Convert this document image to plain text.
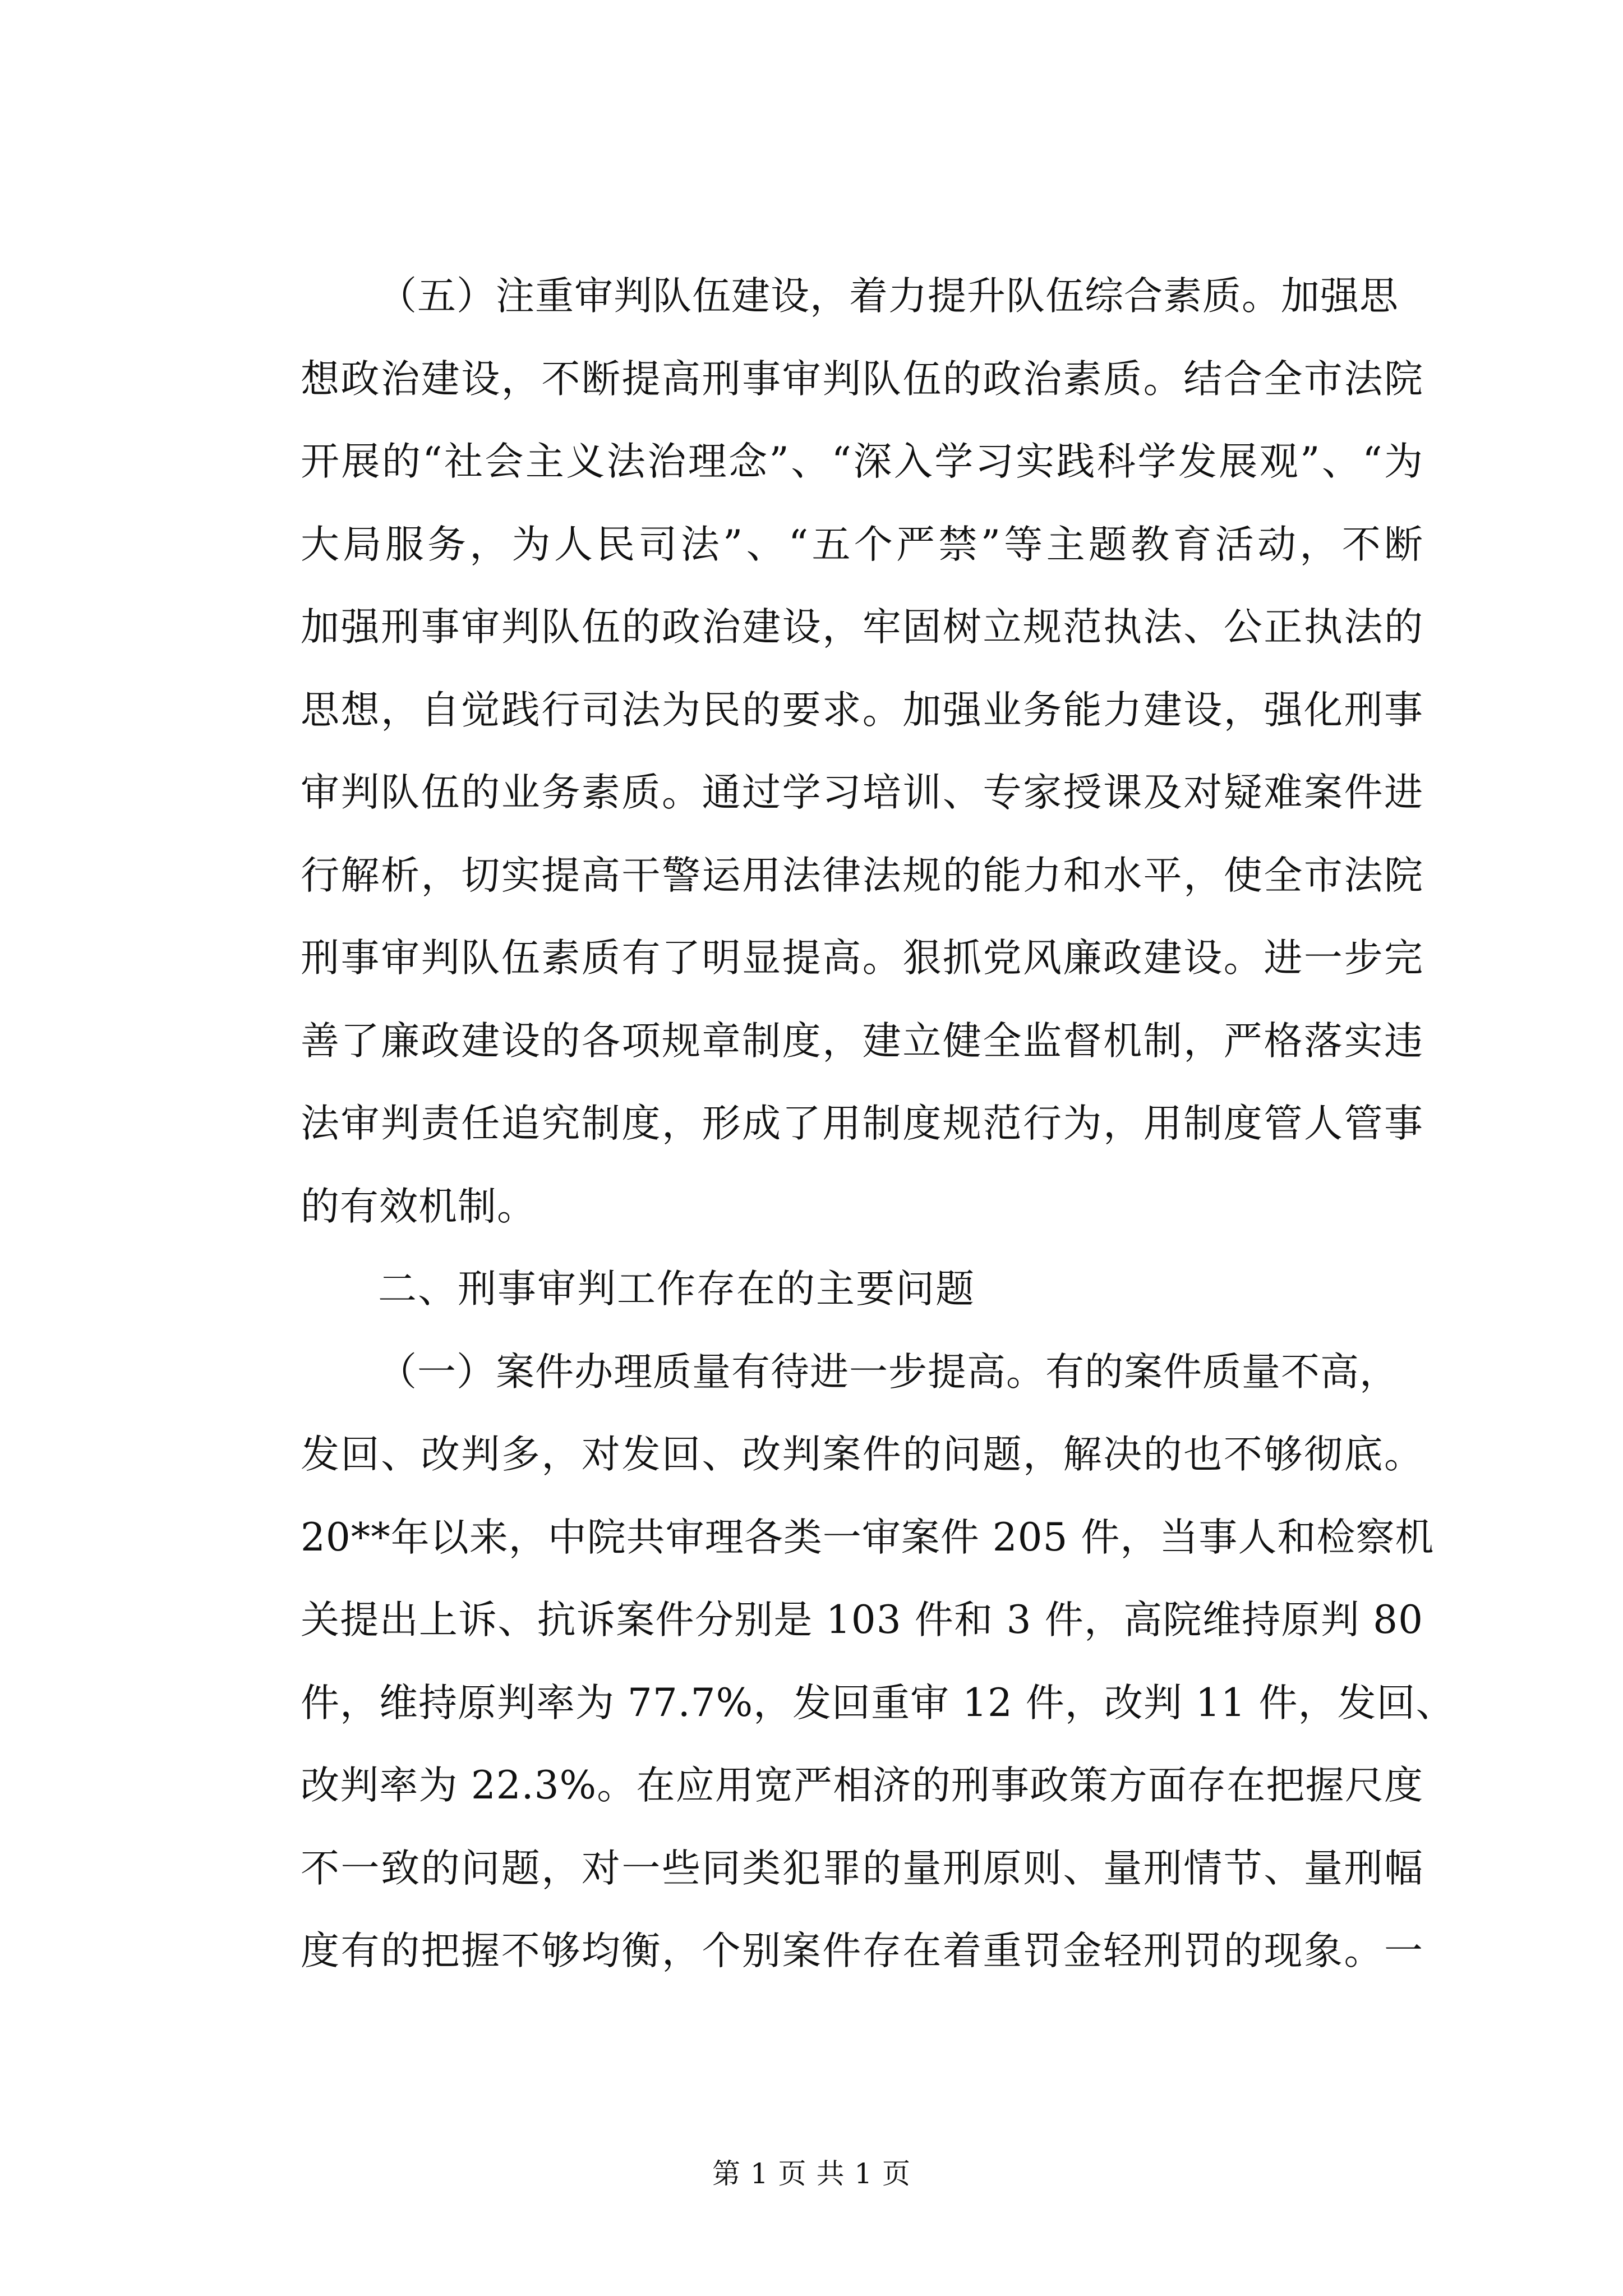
（五）注重审判队伍建设，着力提升队伍综合素质。加强思
想政治建设，不断提高刑事审判队伍的政治素质。结合全市法院
开展的“社会主义法治理念”、“深入学习实践科学发展观”、“为
大局服务，为人民司法”、“五个严禁”等主题教育活动，不断
加强刑事审判队伍的政治建设，牢固树立规范执法、公正执法的
思想，自觉践行司法为民的要求。加强业务能力建设，强化刑事
审判队伍的业务素质。通过学习培训、专家授课及对疑难案件进
行解析，切实提高干警运用法律法规的能力和水平，使全市法院
刑事审判队伍素质有了明显提高。狠抓党风廉政建设。进一步完
善了廉政建设的各项规章制度，建立健全监督机制，严格落实违
法审判责任追究制度，形成了用制度规范行为，用制度管人管事
的有效机制。
二、刑事审判工作存在的主要问题
（一）案件办理质量有待进一步提高。有的案件质量不高，
发回、改判多，对发回、改判案件的问题，解决的也不够彻底。
20**年以来，中院共审理各类一审案件 205 件，当事人和检察机
关提出上诉、抗诉案件分别是 103 件和 3 件，高院维持原判 80
件，维持原判率为 77.7%，发回重审 12 件，改判 11 件，发回、
改判率为 22.3%。在应用宽严相济的刑事政策方面存在把握尺度
不一致的问题，对一些同类犯罪的量刑原则、量刑情节、量刑幅
度有的把握不够均衡，个别案件存在着重罚金轻刑罚的现象。一
第 1 页 共 1 页
